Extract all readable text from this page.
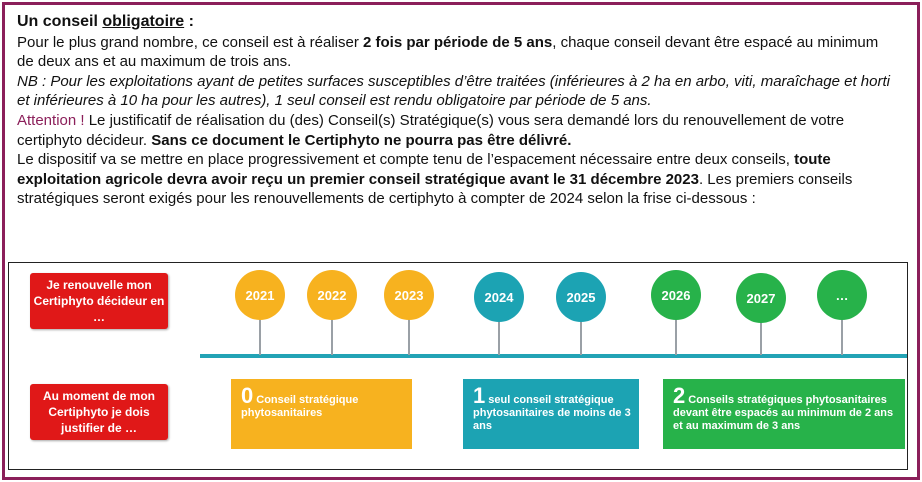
Un conseil obligatoire :
Pour le plus grand nombre, ce conseil est à réaliser 2 fois par période de 5 ans, chaque conseil devant être espacé au minimum de deux ans et au maximum de trois ans.
NB : Pour les exploitations ayant de petites surfaces susceptibles d’être traitées (inférieures à 2 ha en arbo, viti, maraîchage et horti et inférieures à 10 ha pour les autres), 1 seul conseil est rendu obligatoire par période de 5 ans.
Attention ! Le justificatif de réalisation du (des) Conseil(s) Stratégique(s) vous sera demandé lors du renouvellement de votre certiphyto décideur. Sans ce document le Certiphyto ne pourra pas être délivré.
Le dispositif va se mettre en place progressivement et compte tenu de l’espacement nécessaire entre deux conseils, toute exploitation agricole devra avoir reçu un premier conseil stratégique avant le 31 décembre 2023. Les premiers conseils stratégiques seront exigés pour les renouvellements de certiphyto à compter de 2024 selon la frise ci-dessous :
Je renouvelle mon Certiphyto décideur en …
Au moment de mon Certiphyto je dois justifier de …
2021	2022	2023	2024	2025	2026	2027	…
0 Conseil stratégique phytosanitaires
1 seul conseil stratégique phytosanitaires de moins de 3 ans
2 Conseils stratégiques phytosanitaires devant être espacés au minimum de 2 ans et au maximum de 3 ans
